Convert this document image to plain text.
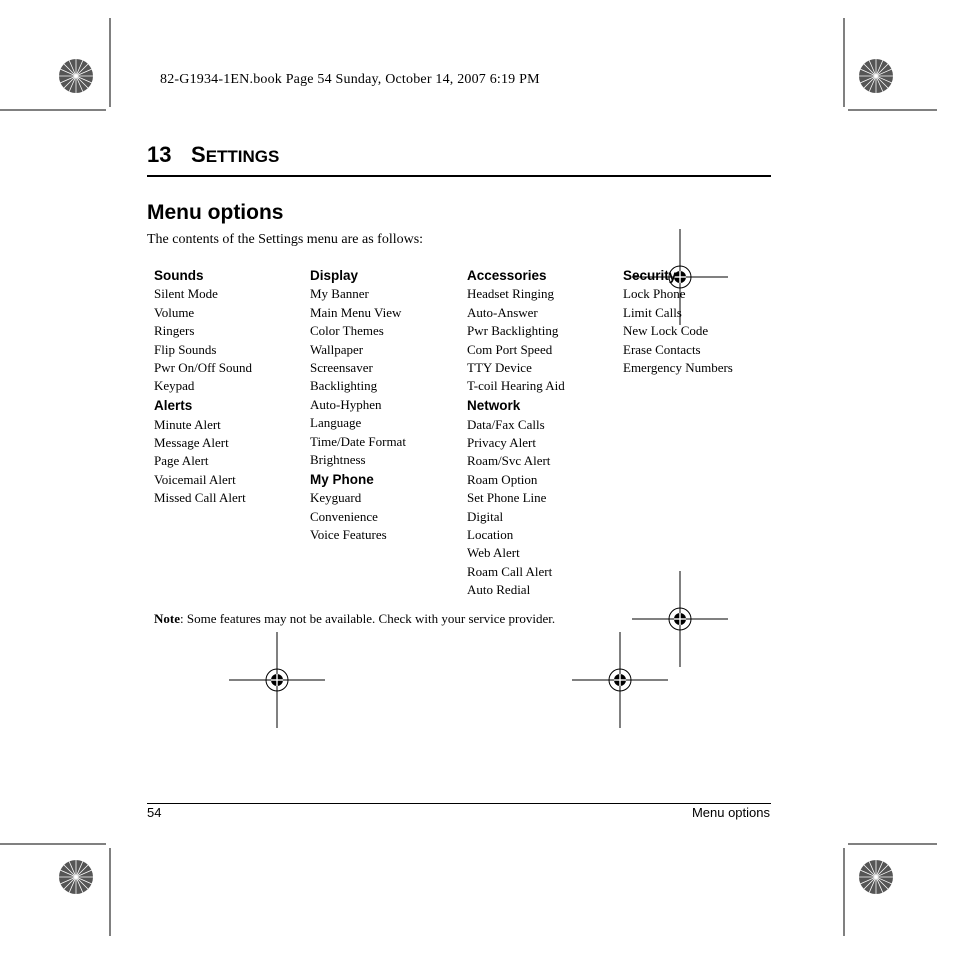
82-G1934-1EN.book Page 54 Sunday, October 14, 2007 6:19 PM
13 SETTINGS
Menu options
The contents of the Settings menu are as follows:
Sounds
Silent Mode
Volume
Ringers
Flip Sounds
Pwr On/Off Sound
Keypad
Alerts
Minute Alert
Message Alert
Page Alert
Voicemail Alert
Missed Call Alert
Display
My Banner
Main Menu View
Color Themes
Wallpaper
Screensaver
Backlighting
Auto-Hyphen
Language
Time/Date Format
Brightness
My Phone
Keyguard
Convenience
Voice Features
Accessories
Headset Ringing
Auto-Answer
Pwr Backlighting
Com Port Speed
TTY Device
T-coil Hearing Aid
Network
Data/Fax Calls
Privacy Alert
Roam/Svc Alert
Roam Option
Set Phone Line
Digital
Location
Web Alert
Roam Call Alert
Auto Redial
Security
Lock Phone
Limit Calls
New Lock Code
Erase Contacts
Emergency Numbers
Note: Some features may not be available. Check with your service provider.
54	Menu options
